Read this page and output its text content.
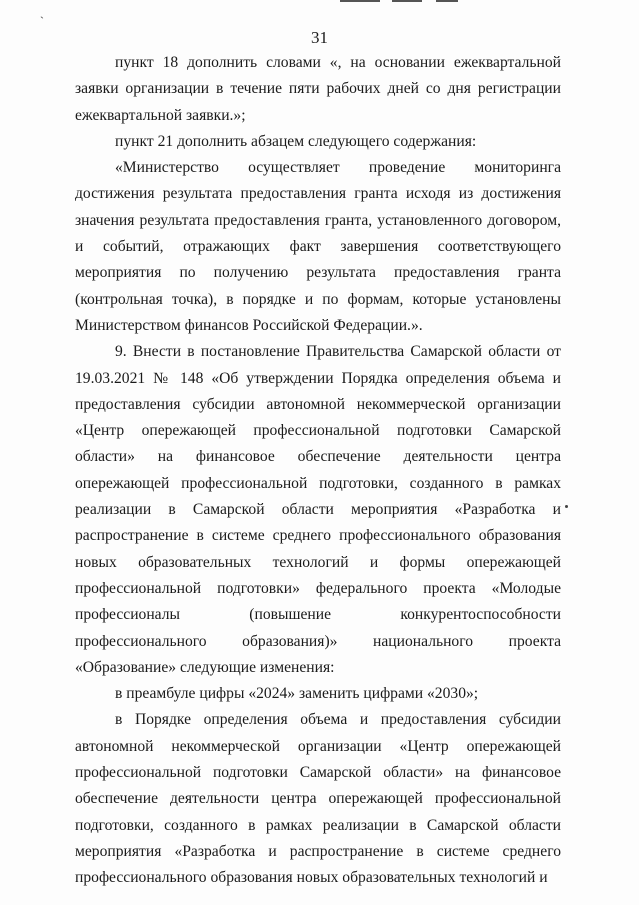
ˋ
31

пункт 18 дополнить словами «, на основании ежеквартальной заявки организации в течение пяти рабочих дней со дня регистрации ежеквартальной заявки.»;

пункт 21 дополнить абзацем следующего содержания:

«Министерство осуществляет проведение мониторинга достижения результата предоставления гранта исходя из достижения значения результата предоставления гранта, установленного договором, и событий, отражающих факт завершения соответствующего мероприятия по получению результата предоставления гранта (контрольная точка), в порядке и по формам, которые установлены Министерством финансов Российской Федерации.».

9. Внести в постановление Правительства Самарской области от 19.03.2021 № 148 «Об утверждении Порядка определения объема и предоставления субсидии автономной некоммерческой организации «Центр опережающей профессиональной подготовки Самарской области» на финансовое обеспечение деятельности центра опережающей профессиональной подготовки, созданного в рамках реализации в Самарской области мероприятия «Разработка и распространение в системе среднего профессионального образования новых образовательных технологий и формы опережающей профессиональной подготовки» федерального проекта «Молодые профессионалы (повышение конкурентоспособности профессионального образования)» национального проекта «Образование» следующие изменения:

в преамбуле цифры «2024» заменить цифрами «2030»;

в Порядке определения объема и предоставления субсидии автономной некоммерческой организации «Центр опережающей профессиональной подготовки Самарской области» на финансовое обеспечение деятельности центра опережающей профессиональной подготовки, созданного в рамках реализации в Самарской области мероприятия «Разработка и распространение в системе среднего профессионального образования новых образовательных технологий и
